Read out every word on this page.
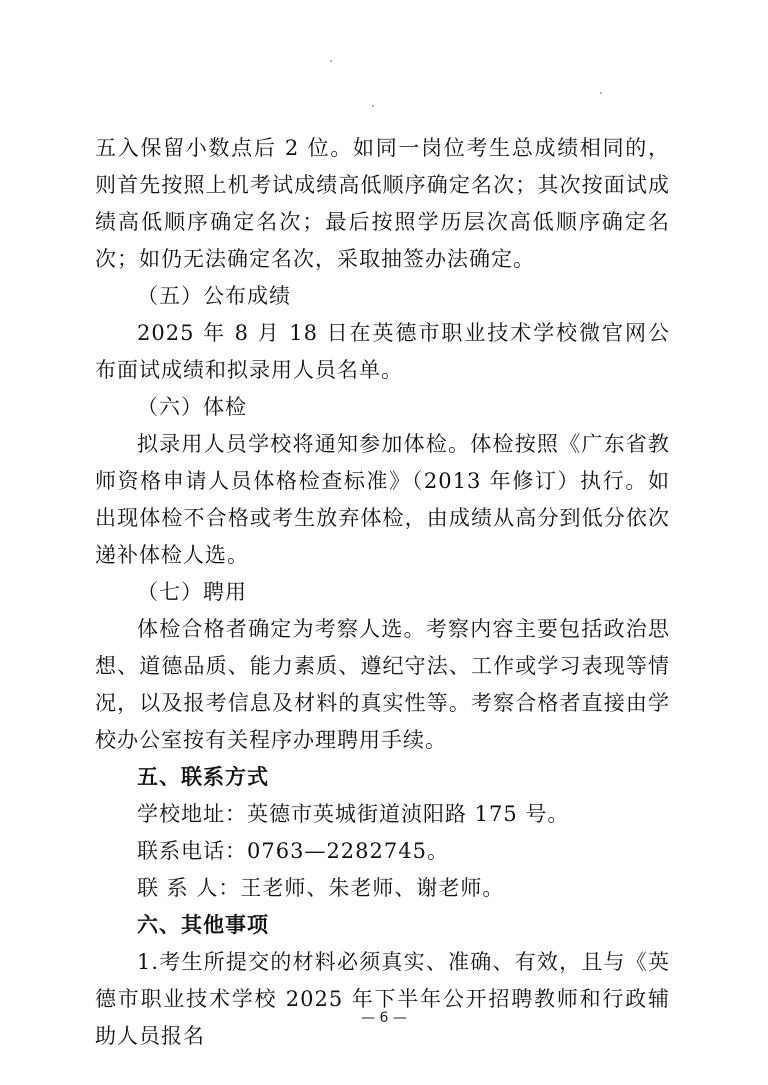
五入保留小数点后 2 位。如同一岗位考生总成绩相同的，则首先按照上机考试成绩高低顺序确定名次；其次按面试成绩高低顺序确定名次；最后按照学历层次高低顺序确定名次；如仍无法确定名次，采取抽签办法确定。

（五）公布成绩

2025 年 8 月 18 日在英德市职业技术学校微官网公布面试成绩和拟录用人员名单。

（六）体检

拟录用人员学校将通知参加体检。体检按照《广东省教师资格申请人员体格检查标准》（2013 年修订）执行。如出现体检不合格或考生放弃体检，由成绩从高分到低分依次递补体检人选。

（七）聘用

体检合格者确定为考察人选。考察内容主要包括政治思想、道德品质、能力素质、遵纪守法、工作或学习表现等情况，以及报考信息及材料的真实性等。考察合格者直接由学校办公室按有关程序办理聘用手续。

五、联系方式

学校地址：英德市英城街道浈阳路 175 号。

联系电话：0763—2282745。

联 系 人：王老师、朱老师、谢老师。

六、其他事项

1.考生所提交的材料必须真实、准确、有效，且与《英德市职业技术学校 2025 年下半年公开招聘教师和行政辅助人员报名

— 6 —
